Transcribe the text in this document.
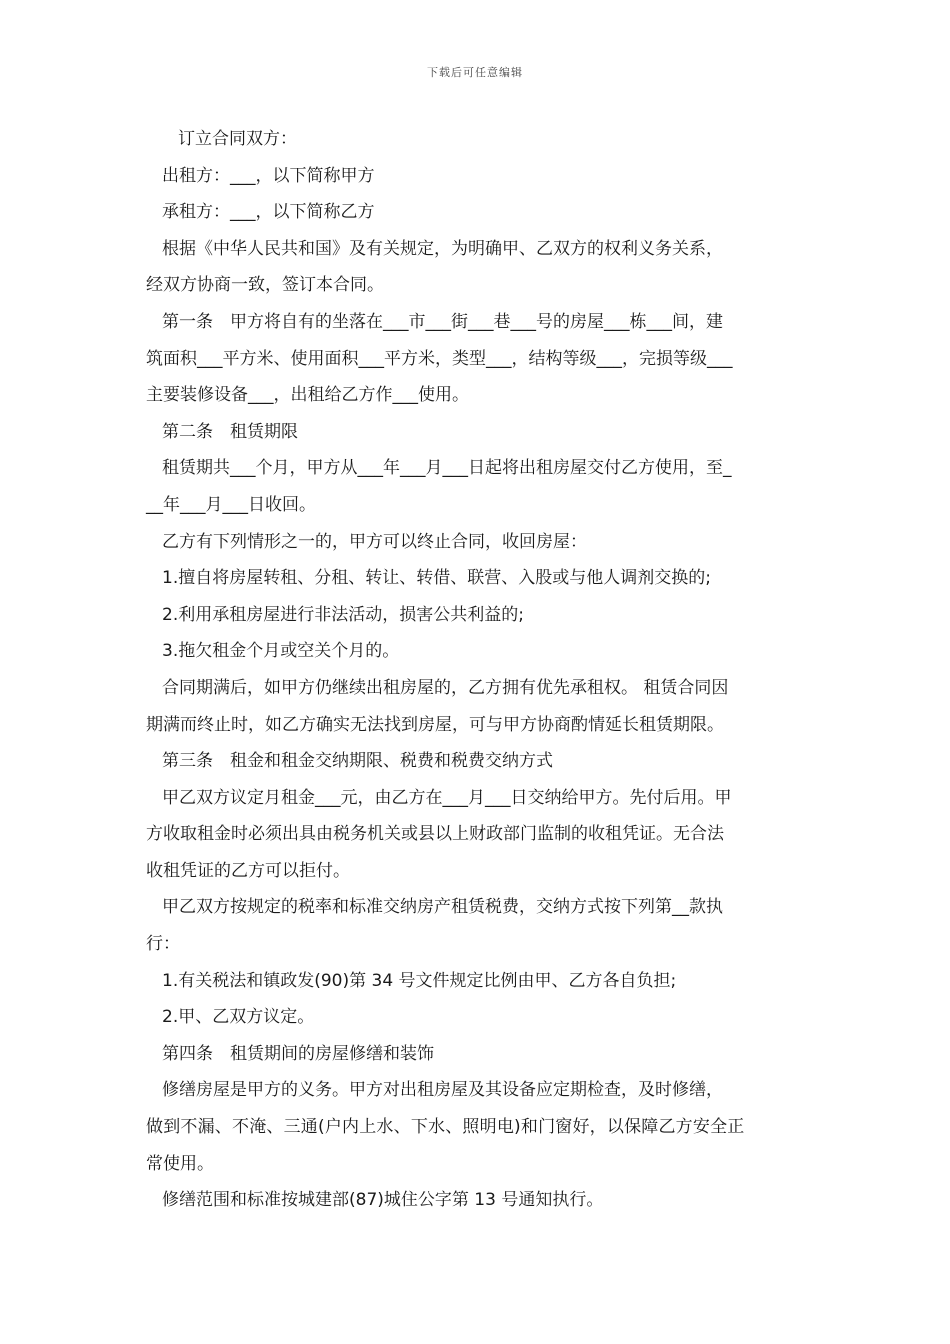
下载后可任意编辑
订立合同双方：
出租方：___，以下简称甲方
承租方：___，以下简称乙方
根据《中华人民共和国》及有关规定，为明确甲、乙双方的权利义务关系，
经双方协商一致，签订本合同。
第一条　甲方将自有的坐落在___市___街___巷___号的房屋___栋___间，建
筑面积___平方米、使用面积___平方米，类型___，结构等级___，完损等级___
主要装修设备___，出租给乙方作___使用。
第二条　租赁期限
租赁期共___个月，甲方从___年___月___日起将出租房屋交付乙方使用，至_
__年___月___日收回。
乙方有下列情形之一的，甲方可以终止合同，收回房屋：
1.擅自将房屋转租、分租、转让、转借、联营、入股或与他人调剂交换的;
2.利用承租房屋进行非法活动，损害公共利益的;
3.拖欠租金个月或空关个月的。
合同期满后，如甲方仍继续出租房屋的，乙方拥有优先承租权。 租赁合同因
期满而终止时，如乙方确实无法找到房屋，可与甲方协商酌情延长租赁期限。
第三条　租金和租金交纳期限、税费和税费交纳方式
甲乙双方议定月租金___元，由乙方在___月___日交纳给甲方。先付后用。甲
方收取租金时必须出具由税务机关或县以上财政部门监制的收租凭证。无合法
收租凭证的乙方可以拒付。
甲乙双方按规定的税率和标准交纳房产租赁税费，交纳方式按下列第__款执
行：
1.有关税法和镇政发(90)第 34 号文件规定比例由甲、乙方各自负担;
2.甲、乙双方议定。
第四条　租赁期间的房屋修缮和装饰
修缮房屋是甲方的义务。甲方对出租房屋及其设备应定期检查，及时修缮，
做到不漏、不淹、三通(户内上水、下水、照明电)和门窗好，以保障乙方安全正
常使用。
修缮范围和标准按城建部(87)城住公字第 13 号通知执行。
